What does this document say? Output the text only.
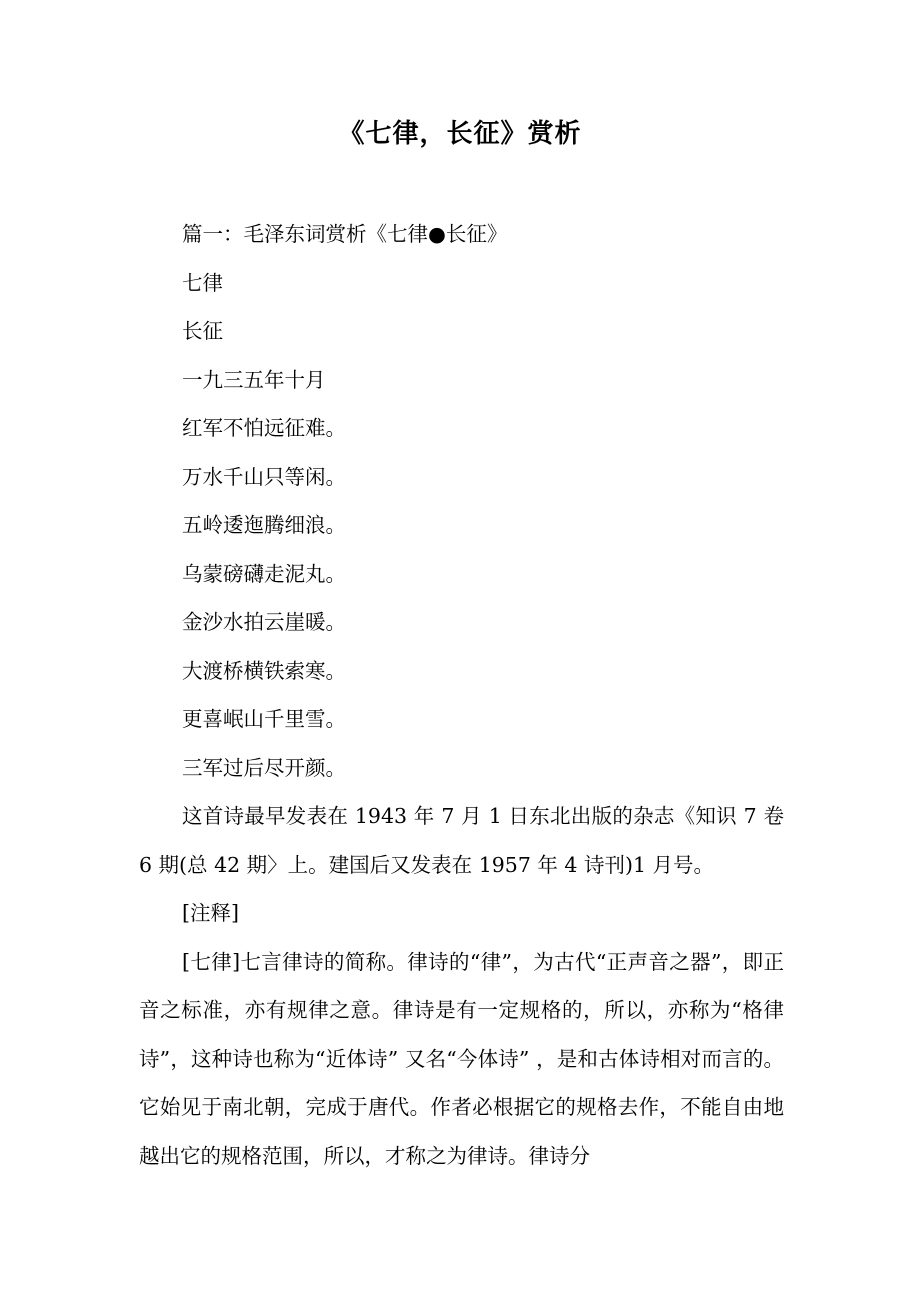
《七律，长征》赏析
篇一：毛泽东词赏析《七律●长征》
七律
长征
一九三五年十月
红军不怕远征难。
万水千山只等闲。
五岭逶迤腾细浪。
乌蒙磅礴走泥丸。
金沙水拍云崖暖。
大渡桥横铁索寒。
更喜岷山千里雪。
三军过后尽开颜。

这首诗最早发表在 1943 年 7 月 1 日东北出版的杂志《知识 7 卷 6 期(总 42 期〉上。建国后又发表在 1957 年 4 诗刊)1 月号。

[注释]

[七律]七言律诗的简称。律诗的“律”，为古代“正声音之器”，即正音之标准，亦有规律之意。律诗是有一定规格的，所以，亦称为“格律诗”，这种诗也称为“近体诗” 又名“今体诗” ，是和古体诗相对而言的。它始见于南北朝，完成于唐代。作者必根据它的规格去作，不能自由地越出它的规格范围，所以，才称之为律诗。律诗分
